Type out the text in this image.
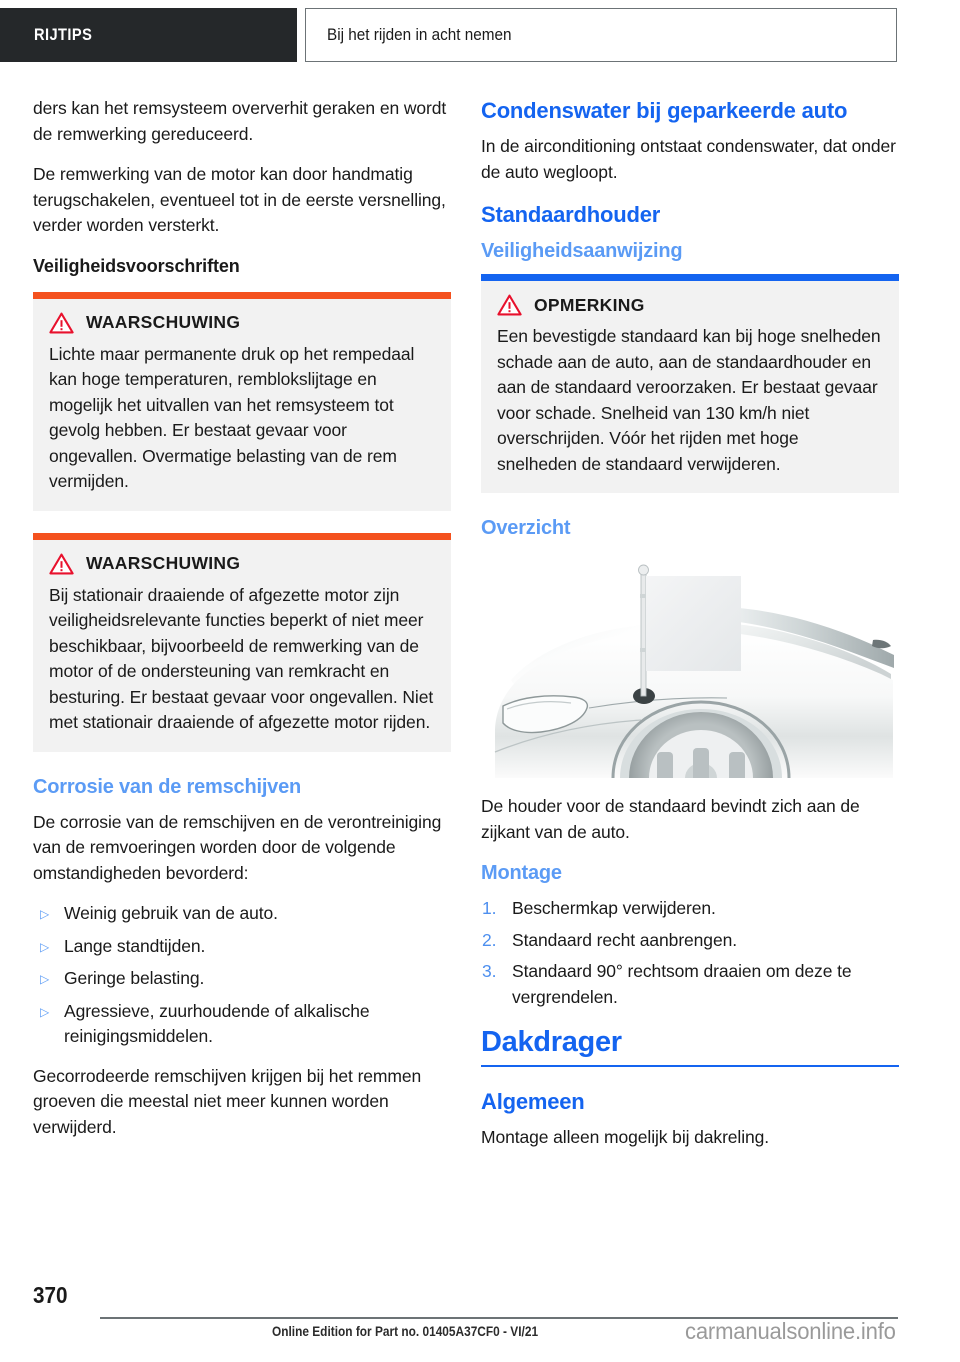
RIJTIPS	Bij het rijden in acht nemen

ders kan het remsysteem oververhit geraken en wordt de remwerking gereduceerd.

De remwerking van de motor kan door handmatig terugschakelen, eventueel tot in de eerste versnelling, verder worden versterkt.

Veiligheidsvoorschriften
WAARSCHUWING

Lichte maar permanente druk op het rempedaal kan hoge temperaturen, remblokslijtage en mogelijk het uitvallen van het remsysteem tot gevolg hebben. Er bestaat gevaar voor ongevallen. Overmatige belasting van de rem vermijden.

WAARSCHUWING

Bij stationair draaiende of afgezette motor zijn veiligheidsrelevante functies beperkt of niet meer beschikbaar, bijvoorbeeld de remwerking van de motor of de ondersteuning van remkracht en besturing. Er bestaat gevaar voor ongevallen. Niet met stationair draaiende of afgezette motor rijden.

Corrosie van de remschijven

De corrosie van de remschijven en de verontreiniging van de remvoeringen worden door de volgende omstandigheden bevorderd:

▷ Weinig gebruik van de auto.
▷ Lange standtijden.
▷ Geringe belasting.
▷ Agressieve, zuurhoudende of alkalische reinigingsmiddelen.

Gecorrodeerde remschijven krijgen bij het remmen groeven die meestal niet meer kunnen worden verwijderd.

Condenswater bij geparkeerde auto

In de airconditioning ontstaat condenswater, dat onder de auto wegloopt.

Standaardhouder
Veiligheidsaanwijzing
OPMERKING

Een bevestigde standaard kan bij hoge snelheden schade aan de auto, aan de standaardhouder en aan de standaard veroorzaken. Er bestaat gevaar voor schade. Snelheid van 130 km/h niet overschrijden. Vóór het rijden met hoge snelheden de standaard verwijderen.

Overzicht

De houder voor de standaard bevindt zich aan de zijkant van de auto.

Montage
1. Beschermkap verwijderen.
2. Standaard recht aanbrengen.
3. Standaard 90° rechtsom draaien om deze te vergrendelen.
Dakdrager
Algemeen

Montage alleen mogelijk bij dakreling.

370
Online Edition for Part no. 01405A37CF0 - VI/21	carmanualsonline.info
